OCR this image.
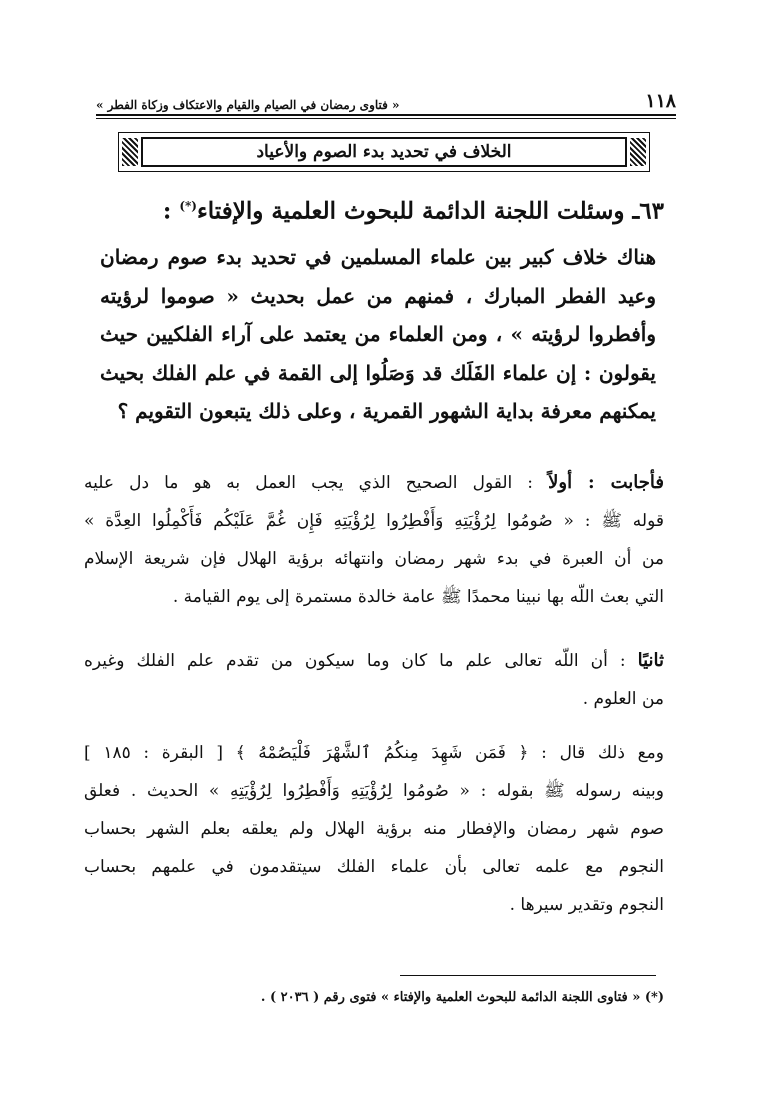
١١٨
« فتاوى رمضان في الصيام والقيام والاعتكاف وزكاة الفطر »
الخلاف في تحديد بدء الصوم والأعياد
٦٣ـ وسئلت اللجنة الدائمة للبحوث العلمية والإفتاء(*) :
هناك خلاف كبير بين علماء المسلمين في تحديد بدء صوم رمضان
وعيد الفطر المبارك ، فمنهم من عمل بحديث « صوموا لرؤيته
وأفطروا لرؤيته » ، ومن العلماء من يعتمد على آراء الفلكيين حيث
يقولون : إن علماء الفَلَك قد وَصَلُوا إلى القمة في علم الفلك بحيث
يمكنهم معرفة بداية الشهور القمرية ، وعلى ذلك يتبعون التقويم ؟
فأجابت : أولاً : القول الصحيح الذي يجب العمل به هو ما دل عليه
قوله ﷺ : « صُومُوا لِرُؤْيَتِهِ وَأَفْطِرُوا لِرُؤْيَتِهِ فَإِن غُمَّ عَلَيْكُم فَأَكْمِلُوا العِدَّة »
من أن العبرة في بدء شهر رمضان وانتهائه برؤية الهلال فإن شريعة الإسلام
التي بعث اللّه بها نبينا محمدًا ﷺ عامة خالدة مستمرة إلى يوم القيامة .
ثانيًا : أن اللّه تعالى علم ما كان وما سيكون من تقدم علم الفلك وغيره
من العلوم .
ومع ذلك قال : ﴿ فَمَن شَهِدَ مِنكُمُ ٱلشَّهْرَ فَلْيَصُمْهُ ﴾ [ البقرة : ١٨٥ ]
وبينه رسوله ﷺ بقوله : « صُومُوا لِرُؤْيَتِهِ وَأَفْطِرُوا لِرُؤْيَتِهِ » الحديث . فعلق
صوم شهر رمضان والإفطار منه برؤية الهلال ولم يعلقه بعلم الشهر بحساب
النجوم مع علمه تعالى بأن علماء الفلك سيتقدمون في علمهم بحساب
النجوم وتقدير سيرها .
(*) « فتاوى اللجنة الدائمة للبحوث العلمية والإفتاء » فتوى رقم ( ٢٠٣٦ ) .
